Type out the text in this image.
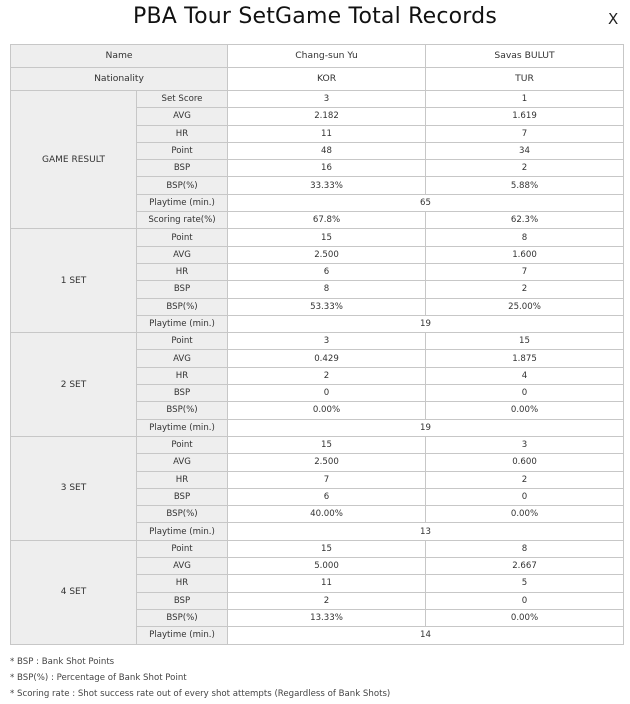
PBA Tour SetGame Total Records	X
Name		Chang-sun Yu	Savas BULUT
Nationality		KOR	TUR
GAME RESULT	Set Score	3	1
	AVG	2.182	1.619
	HR	11	7
	Point	48	34
	BSP	16	2
	BSP(%)	33.33%	5.88%
	Playtime (min.)	65	
	Scoring rate(%)	67.8%	62.3%
1 SET	Point	15	8
	AVG	2.500	1.600
	HR	6	7
	BSP	8	2
	BSP(%)	53.33%	25.00%
	Playtime (min.)	19	
2 SET	Point	3	15
	AVG	0.429	1.875
	HR	2	4
	BSP	0	0
	BSP(%)	0.00%	0.00%
	Playtime (min.)	19	
3 SET	Point	15	3
	AVG	2.500	0.600
	HR	7	2
	BSP	6	0
	BSP(%)	40.00%	0.00%
	Playtime (min.)	13	
4 SET	Point	15	8
	AVG	5.000	2.667
	HR	11	5
	BSP	2	0
	BSP(%)	13.33%	0.00%
	Playtime (min.)	14	
* BSP : Bank Shot Points
* BSP(%) : Percentage of Bank Shot Point
* Scoring rate : Shot success rate out of every shot attempts (Regardless of Bank Shots)
